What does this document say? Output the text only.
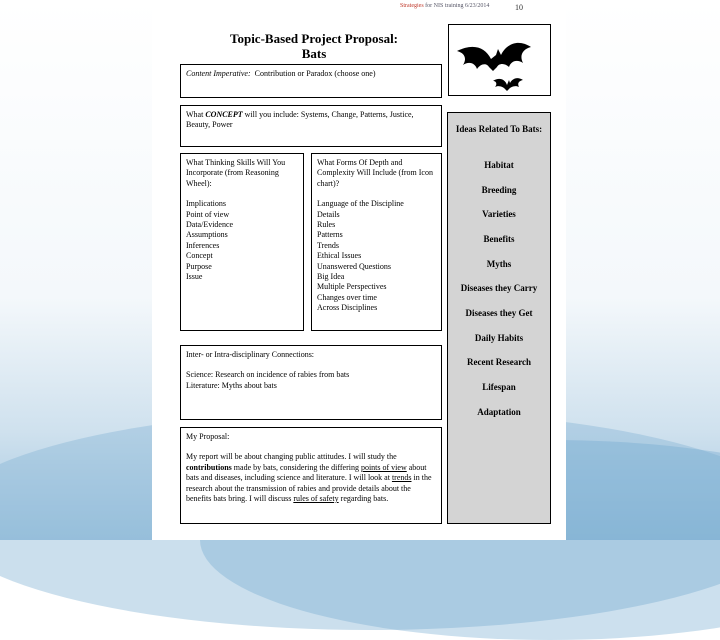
Strategies for NIS training 6/23/2014	10
Topic-Based Project Proposal:
Bats
Content Imperative: Contribution or Paradox (choose one)
What CONCEPT will you include: Systems, Change, Patterns, Justice, Beauty, Power
What Thinking Skills Will You Incorporate (from Reasoning Wheel):
Implications
Point of view
Data/Evidence
Assumptions
Inferences
Concept
Purpose
Issue
What Forms Of Depth and Complexity Will Include (from Icon chart)?
Language of the Discipline
Details
Rules
Patterns
Trends
Ethical Issues
Unanswered Questions
Big Idea
Multiple Perspectives
Changes over time
Across Disciplines
Inter- or Intra-disciplinary Connections:
Science: Research on incidence of rabies from bats
Literature: Myths about bats
My Proposal:
My report will be about changing public attitudes. I will study the contributions made by bats, considering the differing points of view about bats and diseases, including science and literature. I will look at trends in the research about the transmission of rabies and provide details about the benefits bats bring. I will discuss rules of safety regarding bats.
Ideas Related To Bats:
Habitat
Breeding
Varieties
Benefits
Myths
Diseases they Carry
Diseases they Get
Daily Habits
Recent Research
Lifespan
Adaptation
